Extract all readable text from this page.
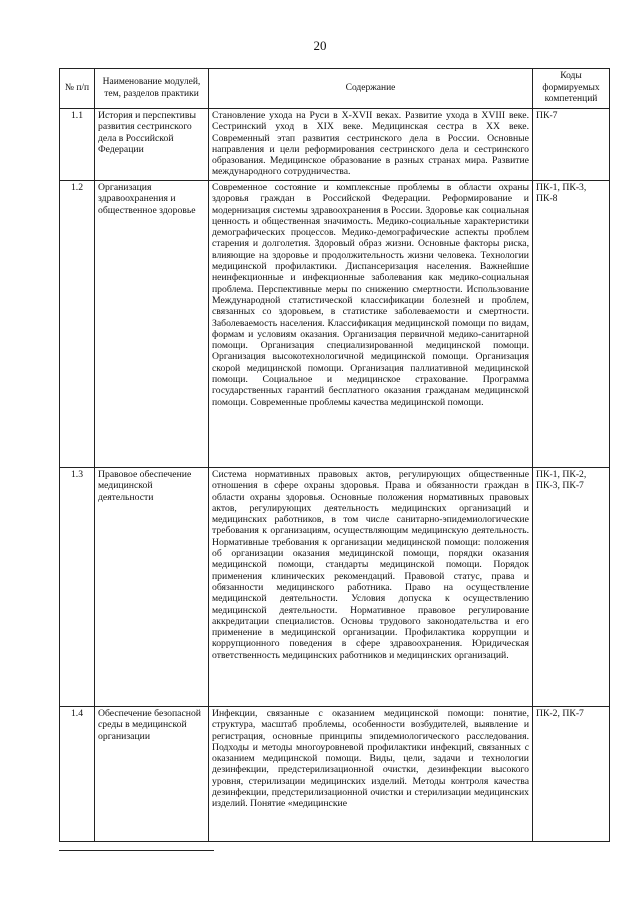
20
№ п/п	Наименование модулей, тем, разделов практики	Содержание	Коды формируемых компетенций
1.1	История и перспективы развития сестринского дела в Российской Федерации	Становление ухода на Руси в X-XVII веках. Развитие ухода в XVIII веке. Сестринский уход в XIX веке. Медицинская сестра в XX веке. Современный этап развития сестринского дела в России. Основные направления и цели реформирования сестринского дела и сестринского образования. Медицинское образование в разных странах мира. Развитие международного сотрудничества.	ПК-7
1.2	Организация здравоохранения и общественное здоровье	Современное состояние и комплексные проблемы в области охраны здоровья граждан в Российской Федерации. Реформирование и модернизация системы здравоохранения в России. Здоровье как социальная ценность и общественная значимость. Медико-социальные характеристики демографических процессов. Медико-демографические аспекты проблем старения и долголетия. Здоровый образ жизни. Основные факторы риска, влияющие на здоровье и продолжительность жизни человека. Технологии медицинской профилактики. Диспансеризация населения. Важнейшие неинфекционные и инфекционные заболевания как медико-социальная проблема. Перспективные меры по снижению смертности. Использование Международной статистической классификации болезней и проблем, связанных со здоровьем, в статистике заболеваемости и смертности. Заболеваемость населения. Классификация медицинской помощи по видам, формам и условиям оказания. Организация первичной медико-санитарной помощи. Организация специализированной медицинской помощи. Организация высокотехнологичной медицинской помощи. Организация скорой медицинской помощи. Организация паллиативной медицинской помощи. Социальное и медицинское страхование. Программа государственных гарантий бесплатного оказания гражданам медицинской помощи. Современные проблемы качества медицинской помощи.	ПК-1, ПК-3, ПК-8
1.3	Правовое обеспечение медицинской деятельности	Система нормативных правовых актов, регулирующих общественные отношения в сфере охраны здоровья. Права и обязанности граждан в области охраны здоровья. Основные положения нормативных правовых актов, регулирующих деятельность медицинских организаций и медицинских работников, в том числе санитарно-эпидемиологические требования к организациям, осуществляющим медицинскую деятельность. Нормативные требования к организации медицинской помощи: положения об организации оказания медицинской помощи, порядки оказания медицинской помощи, стандарты медицинской помощи. Порядок применения клинических рекомендаций. Правовой статус, права и обязанности медицинского работника. Право на осуществление медицинской деятельности. Условия допуска к осуществлению медицинской деятельности. Нормативное правовое регулирование аккредитации специалистов. Основы трудового законодательства и его применение в медицинской организации. Профилактика коррупции и коррупционного поведения в сфере здравоохранения. Юридическая ответственность медицинских работников и медицинских организаций.	ПК-1, ПК-2, ПК-3, ПК-7
1.4	Обеспечение безопасной среды в медицинской организации	Инфекции, связанные с оказанием медицинской помощи: понятие, структура, масштаб проблемы, особенности возбудителей, выявление и регистрация, основные принципы эпидемиологического расследования. Подходы и методы многоуровневой профилактики инфекций, связанных с оказанием медицинской помощи. Виды, цели, задачи и технологии дезинфекции, предстерилизационной очистки, дезинфекции высокого уровня, стерилизации медицинских изделий. Методы контроля качества дезинфекции, предстерилизационной очистки и стерилизации медицинских изделий. Понятие «медицинские	ПК-2, ПК-7
